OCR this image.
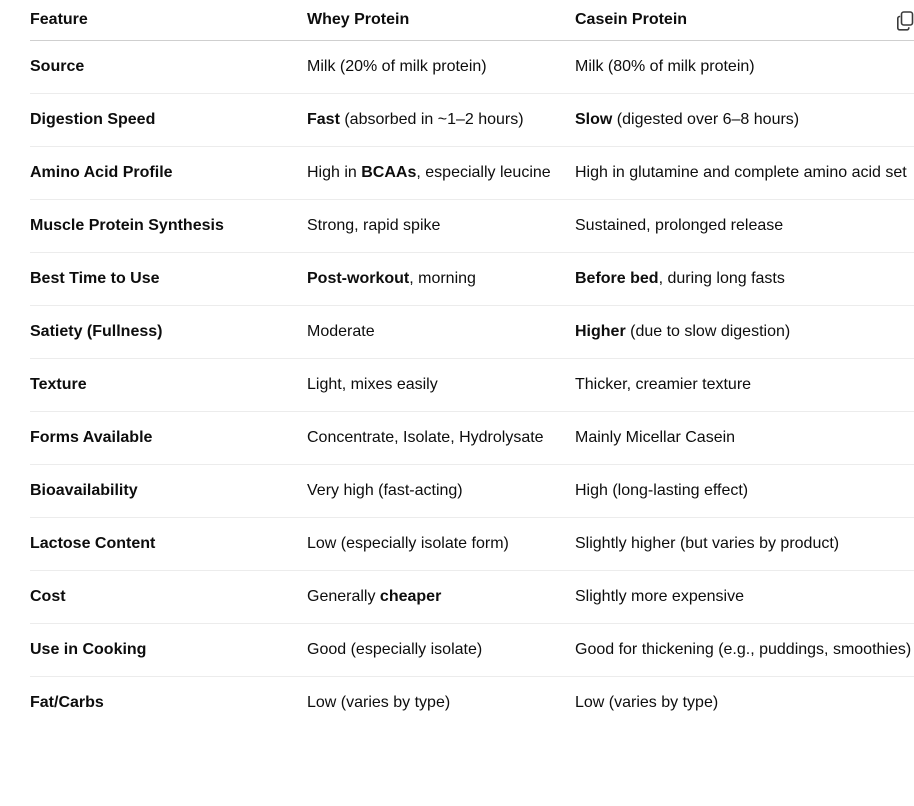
Feature	Whey Protein	Casein Protein
Source	Milk (20% of milk protein)	Milk (80% of milk protein)
Digestion Speed	Fast (absorbed in ~1–2 hours)	Slow (digested over 6–8 hours)
Amino Acid Profile	High in BCAAs, especially leucine	High in glutamine and complete amino acid set
Muscle Protein Synthesis	Strong, rapid spike	Sustained, prolonged release
Best Time to Use	Post-workout, morning	Before bed, during long fasts
Satiety (Fullness)	Moderate	Higher (due to slow digestion)
Texture	Light, mixes easily	Thicker, creamier texture
Forms Available	Concentrate, Isolate, Hydrolysate	Mainly Micellar Casein
Bioavailability	Very high (fast-acting)	High (long-lasting effect)
Lactose Content	Low (especially isolate form)	Slightly higher (but varies by product)
Cost	Generally cheaper	Slightly more expensive
Use in Cooking	Good (especially isolate)	Good for thickening (e.g., puddings, smoothies)
Fat/Carbs	Low (varies by type)	Low (varies by type)
